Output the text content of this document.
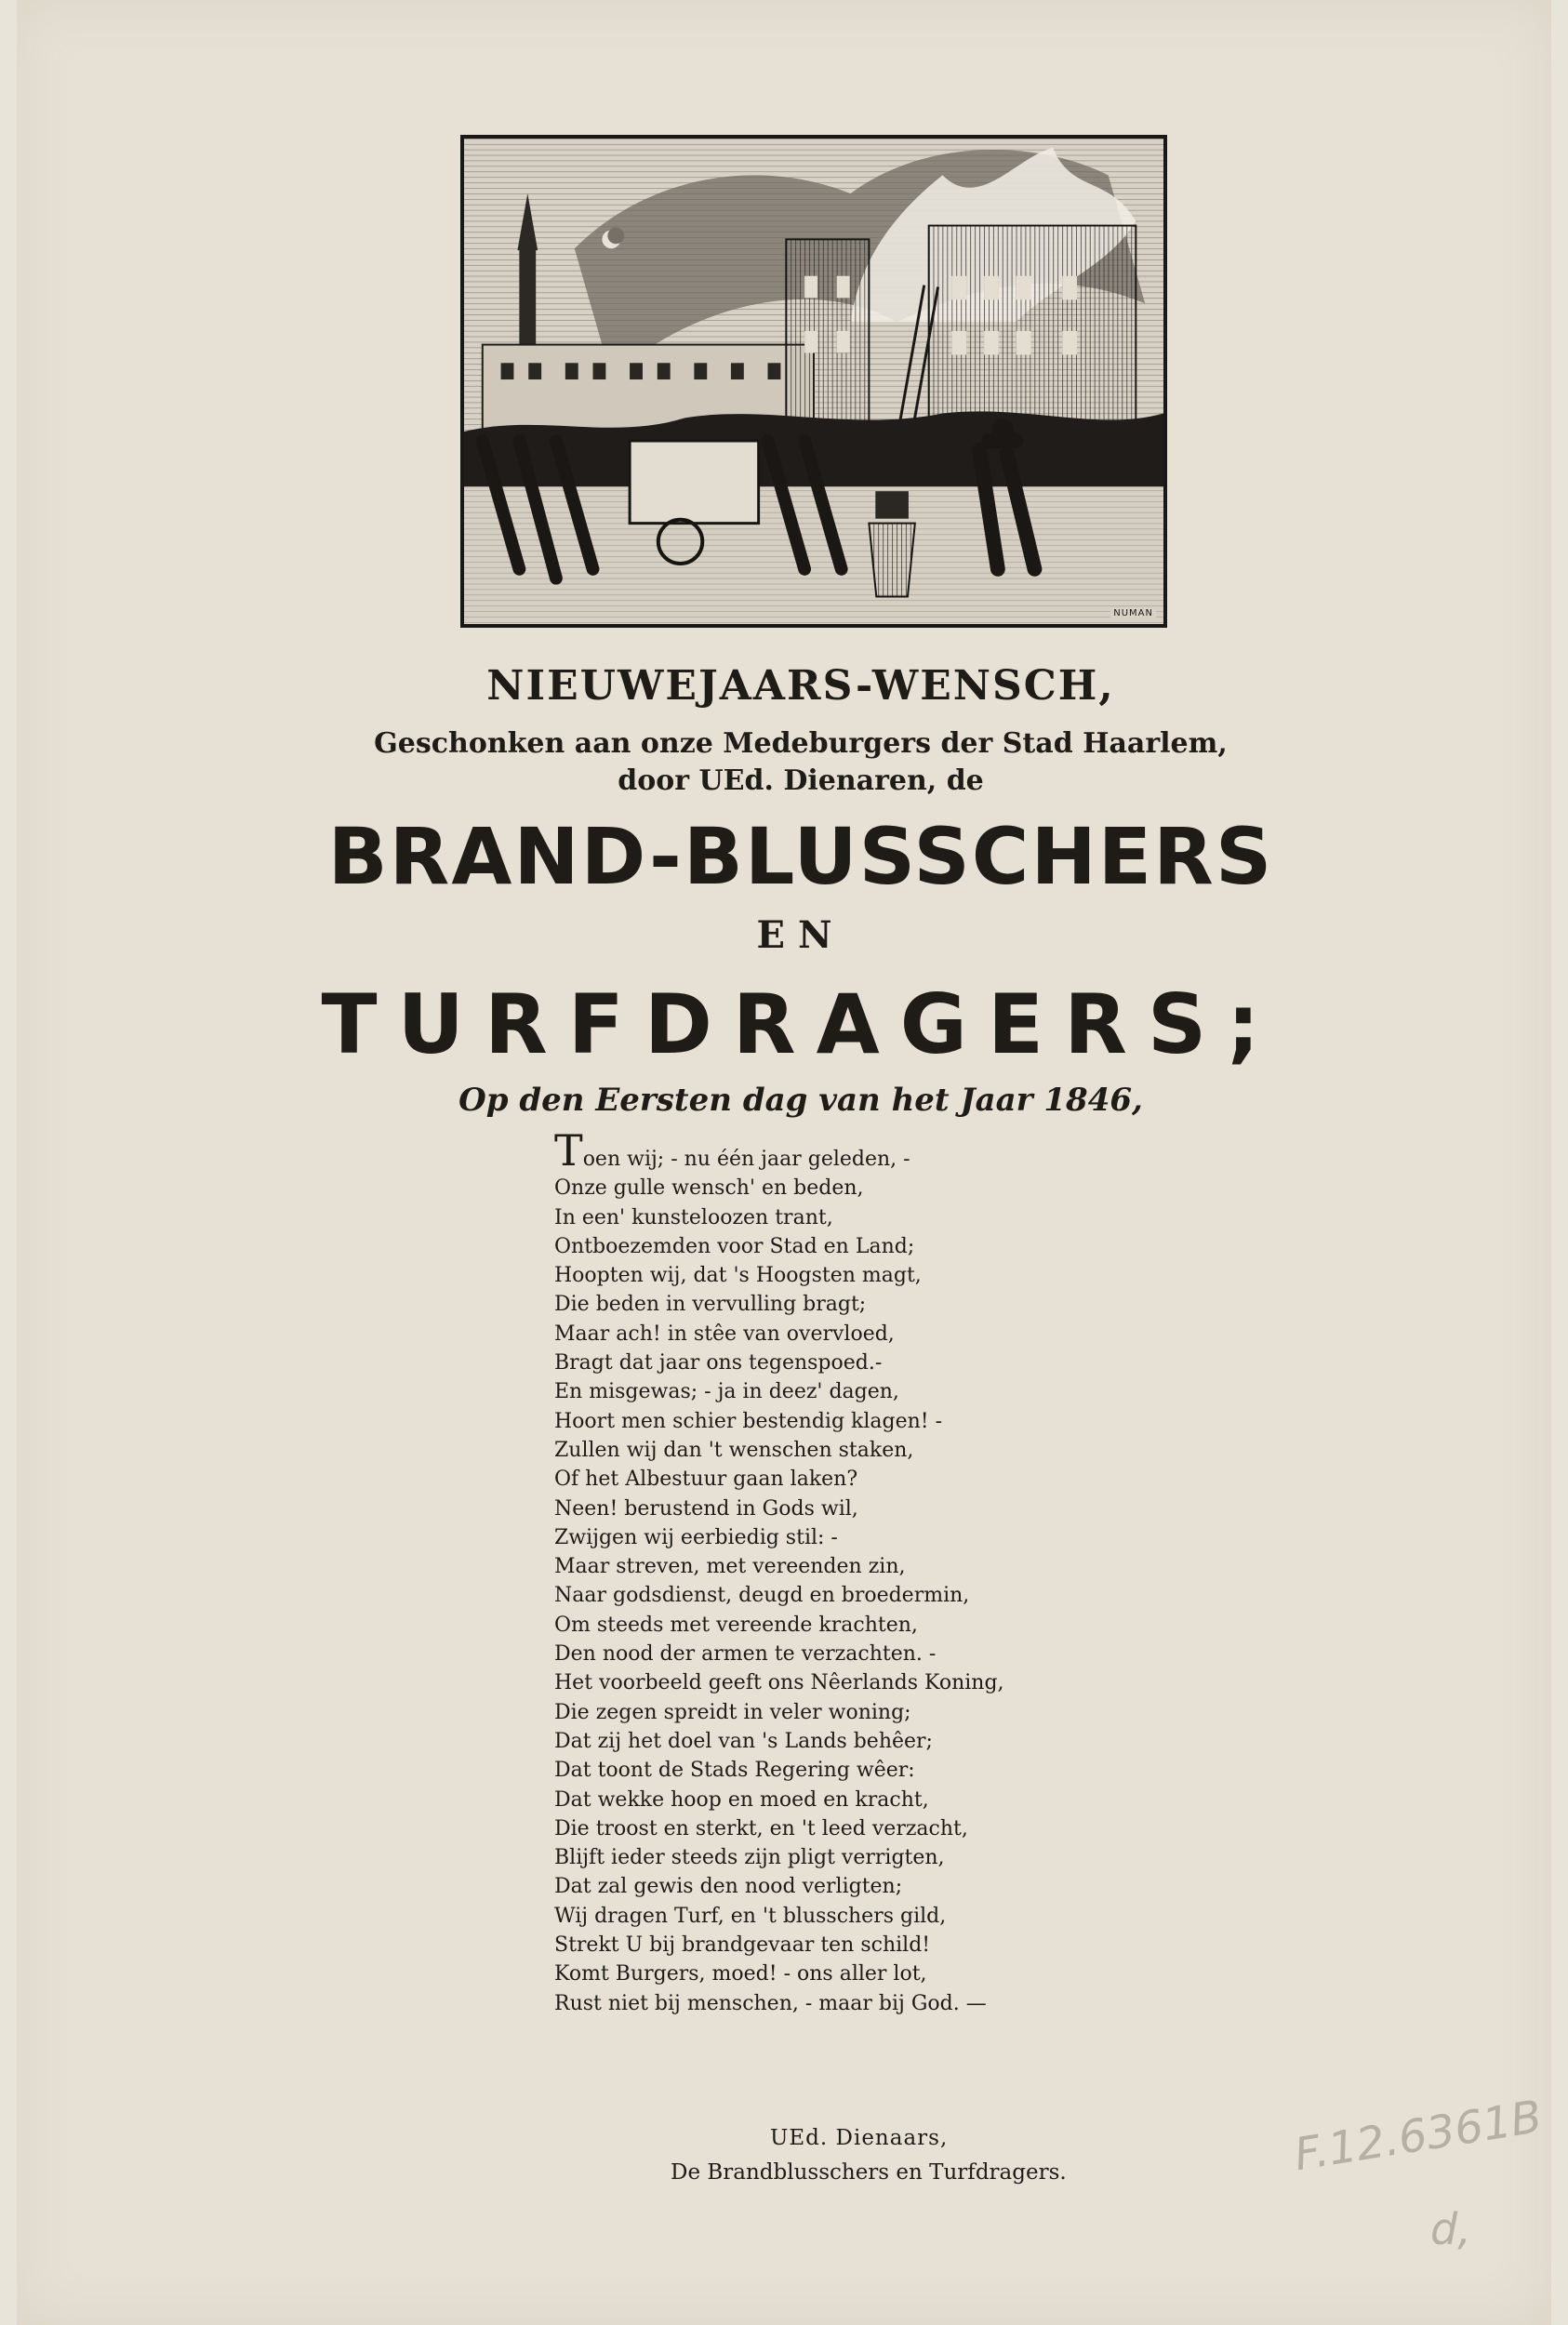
NUMAN
NIEUWEJAARS-WENSCH,
Geschonken aan onze Medeburgers der Stad Haarlem,
door UEd. Dienaren, de
BRAND-BLUSSCHERS
EN
TURFDRAGERS;
Op den Eersten dag van het Jaar 1846,
Toen wij; - nu één jaar geleden, -
Onze gulle wensch' en beden,
In een' kunsteloozen trant,
Ontboezemden voor Stad en Land;
Hoopten wij, dat 's Hoogsten magt,
Die beden in vervulling bragt;
Maar ach! in stêe van overvloed,
Bragt dat jaar ons tegenspoed.-
En misgewas; - ja in deez' dagen,
Hoort men schier bestendig klagen! -
Zullen wij dan 't wenschen staken,
Of het Albestuur gaan laken?
Neen! berustend in Gods wil,
Zwijgen wij eerbiedig stil: -
Maar streven, met vereenden zin,
Naar godsdienst, deugd en broedermin,
Om steeds met vereende krachten,
Den nood der armen te verzachten. -
Het voorbeeld geeft ons Nêerlands Koning,
Die zegen spreidt in veler woning;
Dat zij het doel van 's Lands behêer;
Dat toont de Stads Regering wêer:
Dat wekke hoop en moed en kracht,
Die troost en sterkt, en 't leed verzacht,
Blijft ieder steeds zijn pligt verrigten,
Dat zal gewis den nood verligten;
Wij dragen Turf, en 't blusschers gild,
Strekt U bij brandgevaar ten schild!
Komt Burgers, moed! - ons aller lot,
Rust niet bij menschen, - maar bij God. —
UEd. Dienaars,
De Brandblusschers en Turfdragers.	F.12.6361B
d,
